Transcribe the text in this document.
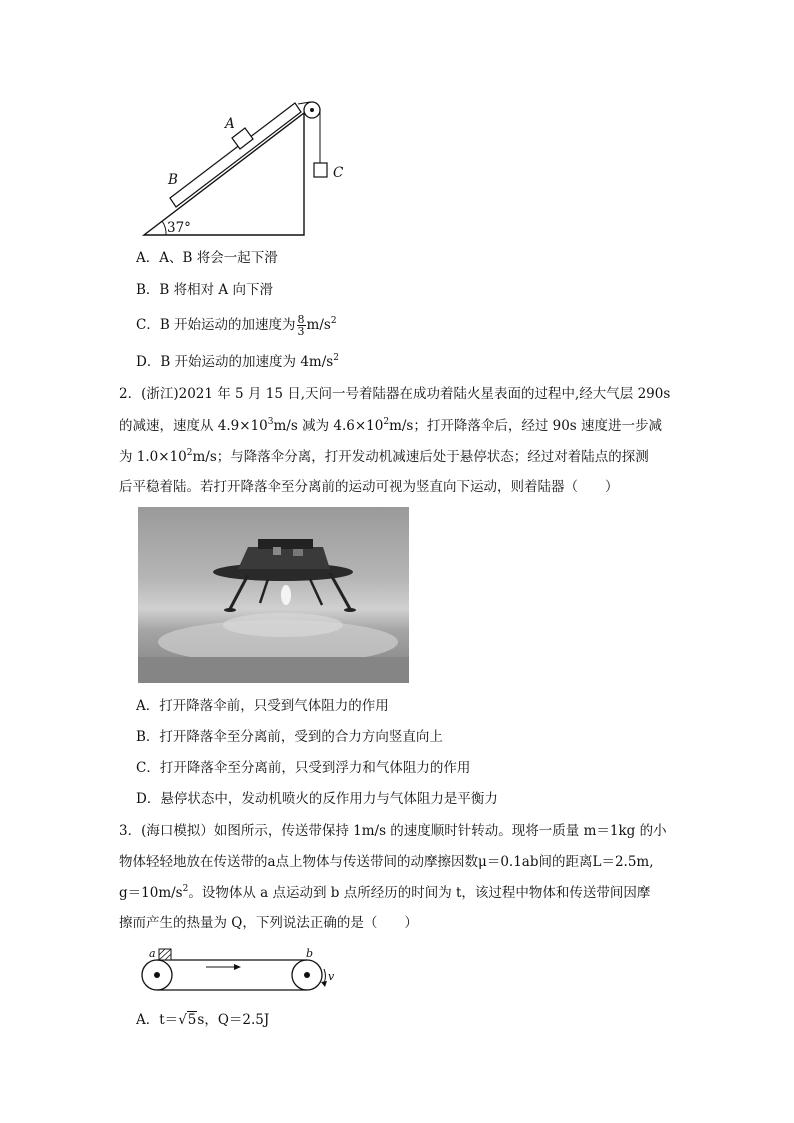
A
B	C
37°
A．A、B 将会一起下滑
B．B 将相对 A 向下滑
C．B 开始运动的加速度为 $\frac{8}{3} m/s^2$
D．B 开始运动的加速度为 $4m/s^2$
2．(浙江)2021 年 5 月 15 日,天问一号着陆器在成功着陆火星表面的过程中,经大气层 290s
的减速，速度从 $4.9\times 10^3m/s$ 减为 $4.6\times 10^2m/s$；打开降落伞后，经过 90s 速度进一步减
为 $1.0\times 10^2m/s$；与降落伞分离，打开发动机减速后处于悬停状态；经过对着陆点的探测
后平稳着陆。若打开降落伞至分离前的运动可视为竖直向下运动，则着陆器（　　）
A．打开降落伞前，只受到气体阻力的作用
B．打开降落伞至分离前，受到的合力方向竖直向上
C．打开降落伞至分离前，只受到浮力和气体阻力的作用
D．悬停状态中，发动机喷火的反作用力与气体阻力是平衡力
3．(海口模拟）如图所示，传送带保持 1m/s 的速度顺时针转动。现将一质量 m＝1kg 的小
物体轻轻地放在传送带的a点上物体与传送带间的动摩擦因数μ＝0.1ab间的距离L＝2.5m,
$g=10m/s^2$。设物体从 a 点运动到 b 点所经历的时间为 t，该过程中物体和传送带间因摩
擦而产生的热量为 Q，下列说法正确的是（　　）
a	b
v
A．t＝√5s，Q＝2.5J
